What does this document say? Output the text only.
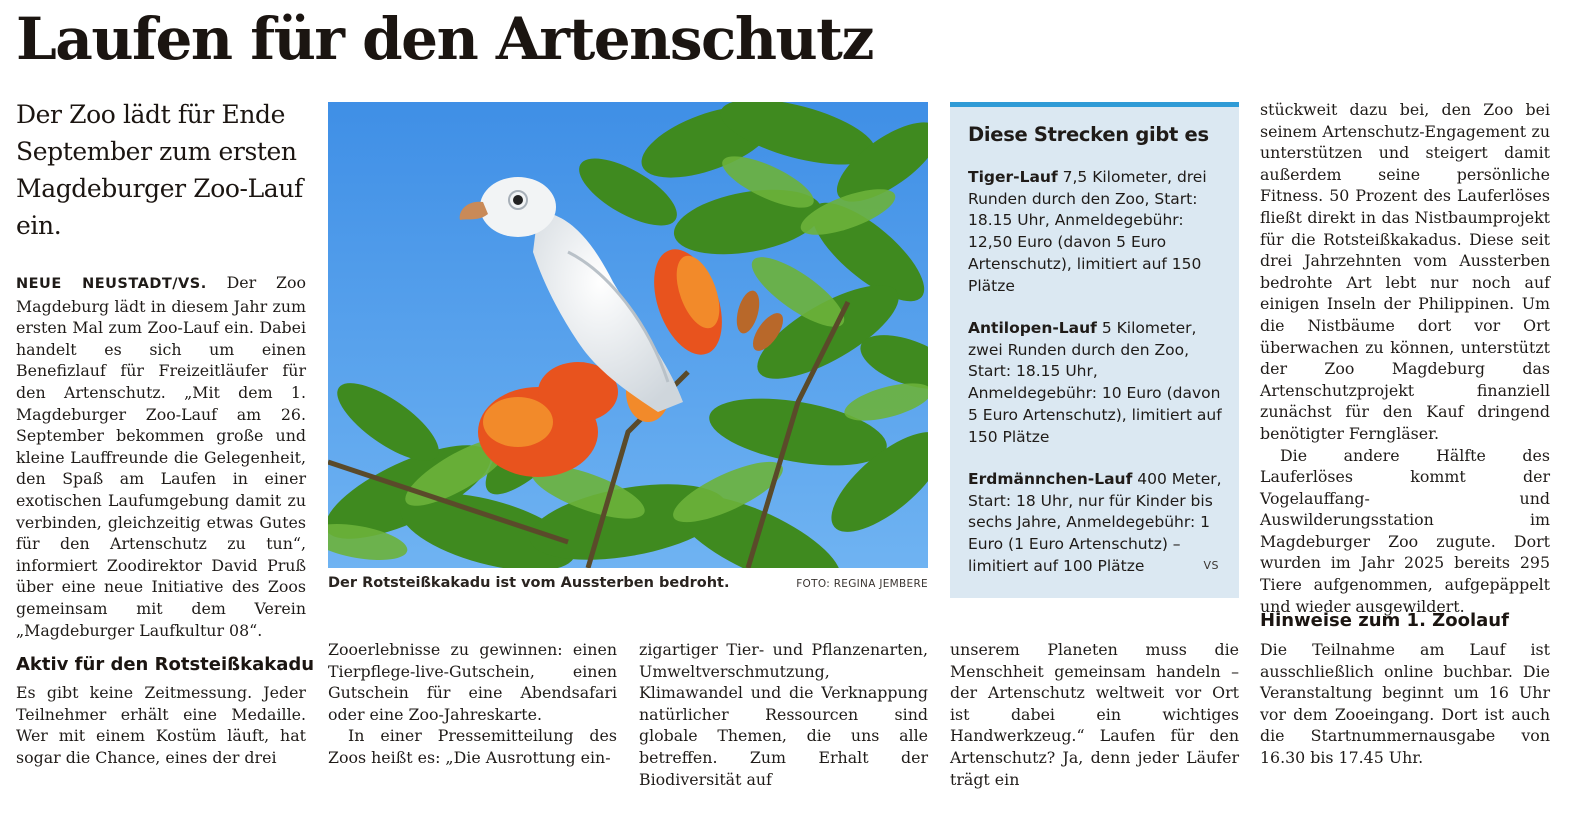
Laufen für den Artenschutz
Der Zoo lädt für Ende September zum ersten Magdeburger Zoo-Lauf ein.

NEUE NEUSTADT/VS. Der Zoo Magdeburg lädt in diesem Jahr zum ersten Mal zum Zoo-Lauf ein. Dabei handelt es sich um einen Benefizlauf für Freizeitläufer für den Artenschutz. „Mit dem 1. Magdeburger Zoo-Lauf am 26. September bekommen große und kleine Lauffreunde die Gelegenheit, den Spaß am Laufen in einer exotischen Laufumgebung damit zu verbinden, gleichzeitig etwas Gutes für den Artenschutz zu tun“, informiert Zoodirektor David Pruß über eine neue Initiative des Zoos gemeinsam mit dem Verein „Magdeburger Laufkultur 08“.

Aktiv für den Rotsteißkakadu

Es gibt keine Zeitmessung. Jeder Teilnehmer erhält eine Medaille. Wer mit einem Kostüm läuft, hat sogar die Chance, eines der drei

Der Rotsteißkakadu ist vom Aussterben bedroht.	FOTO: REGINA JEMBERE

Zooerlebnisse zu gewinnen: einen Tierpflege-live-Gutschein, einen Gutschein für eine Abendsafari oder eine Zoo-Jahreskarte.

In einer Pressemitteilung des Zoos heißt es: „Die Ausrottung ein-

zigartiger Tier- und Pflanzenarten, Umweltverschmutzung, Klimawandel und die Verknappung natürlicher Ressourcen sind globale Themen, die uns alle betreffen. Zum Erhalt der Biodiversität auf

unserem Planeten muss die Menschheit gemeinsam handeln – der Artenschutz weltweit vor Ort ist dabei ein wichtiges Handwerkzeug.“ Laufen für den Artenschutz? Ja, denn jeder Läufer trägt ein

Diese Strecken gibt es
Tiger-Lauf 7,5 Kilometer, drei Runden durch den Zoo, Start: 18.15 Uhr, Anmeldegebühr: 12,50 Euro (davon 5 Euro Artenschutz), limitiert auf 150 Plätze
Antilopen-Lauf 5 Kilometer, zwei Runden durch den Zoo, Start: 18.15 Uhr, Anmeldegebühr: 10 Euro (davon 5 Euro Artenschutz), limitiert auf 150 Plätze
Erdmännchen-Lauf 400 Meter, Start: 18 Uhr, nur für Kinder bis sechs Jahre, Anmeldegebühr: 1 Euro (1 Euro Artenschutz) – limitiert auf 100 Plätze	VS

stückweit dazu bei, den Zoo bei seinem Artenschutz-Engagement zu unterstützen und steigert damit außerdem seine persönliche Fitness. 50 Prozent des Lauferlöses fließt direkt in das Nistbaumprojekt für die Rotsteißkakadus. Diese seit drei Jahrzehnten vom Aussterben bedrohte Art lebt nur noch auf einigen Inseln der Philippinen. Um die Nistbäume dort vor Ort überwachen zu können, unterstützt der Zoo Magdeburg das Artenschutzprojekt finanziell zunächst für den Kauf dringend benötigter Ferngläser.

Die andere Hälfte des Lauferlöses kommt der Vogelauffang- und Auswilderungsstation im Magdeburger Zoo zugute. Dort wurden im Jahr 2025 bereits 295 Tiere aufgenommen, aufgepäppelt und wieder ausgewildert.

Hinweise zum 1. Zoolauf

Die Teilnahme am Lauf ist ausschließlich online buchbar. Die Veranstaltung beginnt um 16 Uhr vor dem Zooeingang. Dort ist auch die Startnummernausgabe von 16.30 bis 17.45 Uhr.
